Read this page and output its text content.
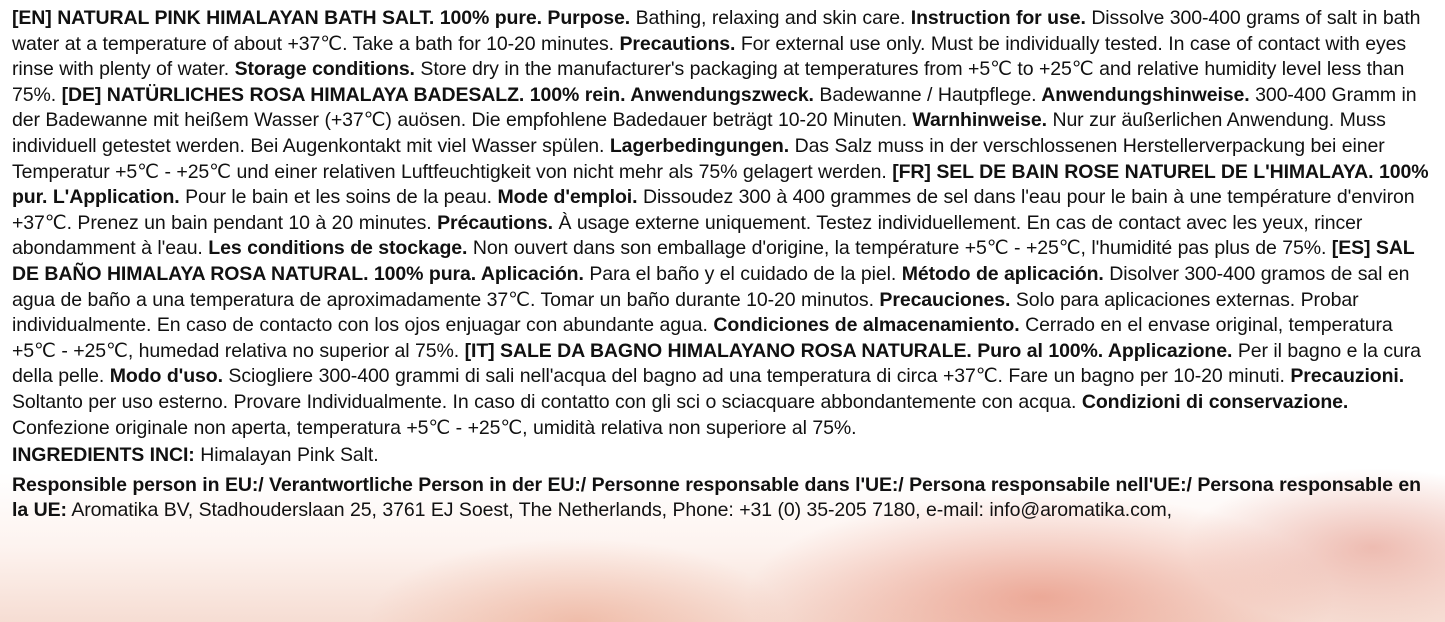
[EN] NATURAL PINK HIMALAYAN BATH SALT. 100% pure. Purpose. Bathing, relaxing and skin care. Instruction for use. Dissolve 300-400 grams of salt in bath water at a temperature of about +37℃. Take a bath for 10-20 minutes. Precautions. For external use only. Must be individually tested. In case of contact with eyes rinse with plenty of water. Storage conditions. Store dry in the manufacturer's packaging at temperatures from +5℃ to +25℃ and relative humidity level less than 75%. [DE] NATÜRLICHES ROSA HIMALAYA BADESALZ. 100% rein. Anwendungszweck. Badewanne / Hautpflege. Anwendungshinweise. 300-400 Gramm in der Badewanne mit heißem Wasser (+37℃) auösen. Die empfohlene Badedauer beträgt 10-20 Minuten. Warnhinweise. Nur zur äußerlichen Anwendung. Muss individuell getestet werden. Bei Augenkontakt mit viel Wasser spülen. Lagerbedingungen. Das Salz muss in der verschlossenen Herstellerverpackung bei einer Temperatur +5℃ - +25℃ und einer relativen Luftfeuchtigkeit von nicht mehr als 75% gelagert werden. [FR] SEL DE BAIN ROSE NATUREL DE L'HIMALAYA. 100% pur. L'Application. Pour le bain et les soins de la peau. Mode d'emploi. Dissoudez 300 à 400 grammes de sel dans l'eau pour le bain à une température d'environ +37℃. Prenez un bain pendant 10 à 20 minutes. Précautions. À usage externe uniquement. Testez individuellement. En cas de contact avec les yeux, rincer abondamment à l'eau. Les conditions de stockage. Non ouvert dans son emballage d'origine, la température +5℃ - +25℃, l'humidité pas plus de 75%. [ES] SAL DE BAÑO HIMALAYA ROSA NATURAL. 100% pura. Aplicación. Para el baño y el cuidado de la piel. Método de aplicación. Disolver 300-400 gramos de sal en agua de baño a una temperatura de aproximadamente 37℃. Tomar un baño durante 10-20 minutos. Precauciones. Solo para aplicaciones externas. Probar individualmente. En caso de contacto con los ojos enjuagar con abundante agua. Condiciones de almacenamiento. Cerrado en el envase original, temperatura +5℃ - +25℃, humedad relativa no superior al 75%. [IT] SALE DA BAGNO HIMALAYANO ROSA NATURALE. Puro al 100%. Applicazione. Per il bagno e la cura della pelle. Modo d'uso. Sciogliere 300-400 grammi di sali nell'acqua del bagno ad una temperatura di circa +37℃. Fare un bagno per 10-20 minuti. Precauzioni. Soltanto per uso esterno. Provare Individualmente. In caso di contatto con gli sci o sciacquare abbondantemente con acqua. Condizioni di conservazione. Confezione originale non aperta, temperatura +5℃ - +25℃, umidità relativa non superiore al 75%.

INGREDIENTS INCI: Himalayan Pink Salt.

Responsible person in EU:/ Verantwortliche Person in der EU:/ Personne responsable dans l'UE:/ Persona responsabile nell'UE:/ Persona responsable en la UE: Aromatika BV, Stadhouderslaan 25, 3761 EJ Soest, The Netherlands, Phone: +31 (0) 35-205 7180, e-mail: info@aromatika.com,
